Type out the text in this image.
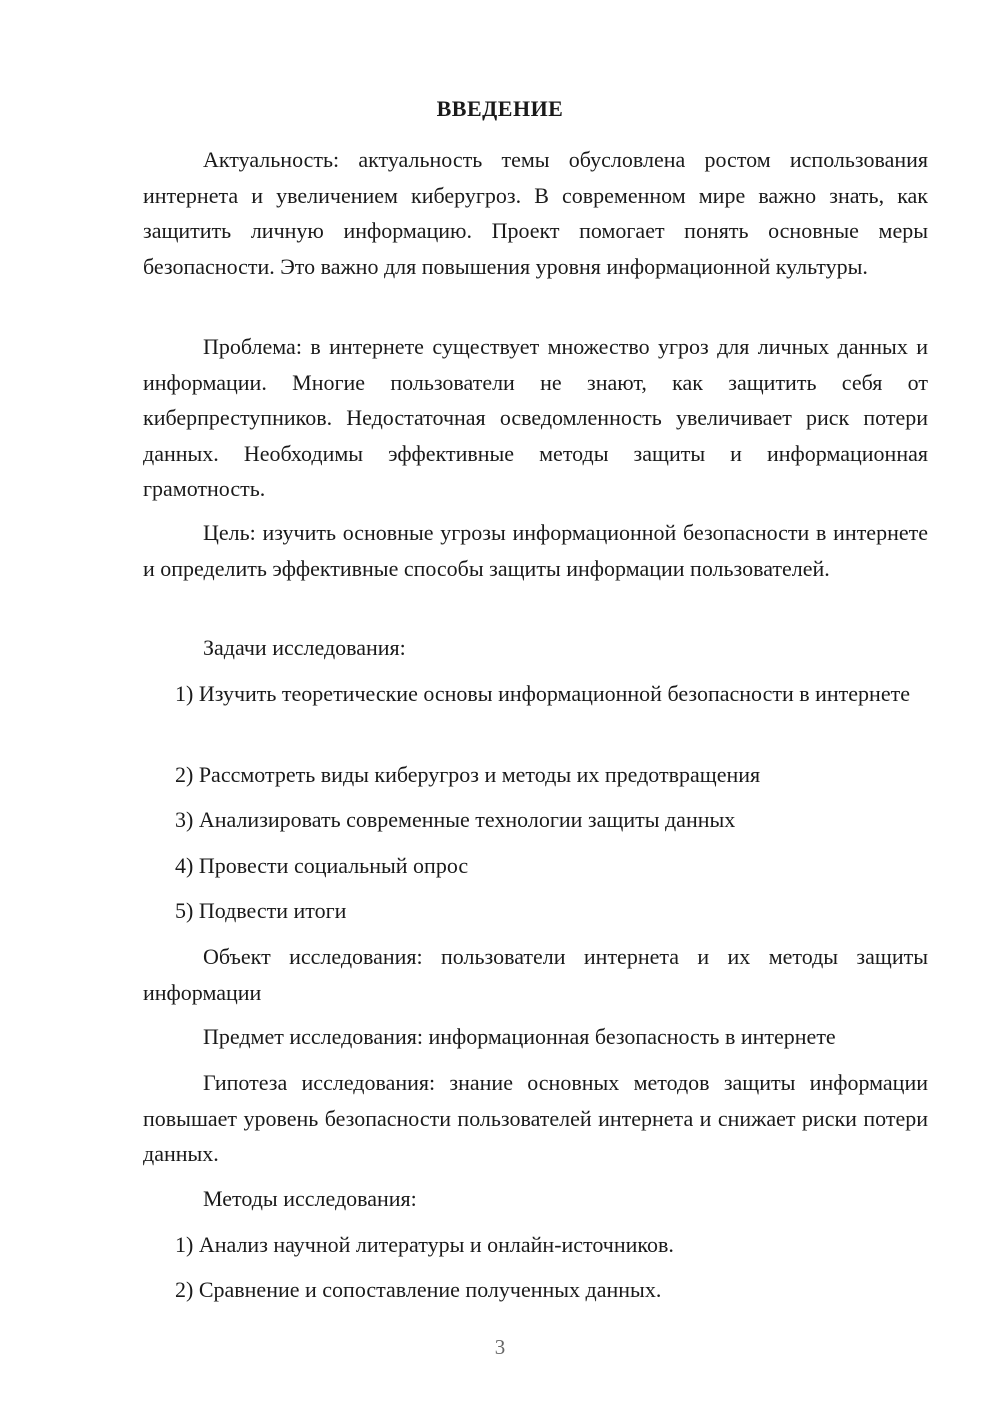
ВВЕДЕНИЕ

Актуальность: актуальность темы обусловлена ростом использования интернета и увеличением киберугроз. В современном мире важно знать, как защитить личную информацию. Проект помогает понять основные меры безопасности. Это важно для повышения уровня информационной культуры.

Проблема: в интернете существует множество угроз для личных данных и информации. Многие пользователи не знают, как защитить себя от киберпреступников. Недостаточная осведомленность увеличивает риск потери данных. Необходимы эффективные методы защиты и информационная грамотность.

Цель: изучить основные угрозы информационной безопасности в интернете и определить эффективные способы защиты информации пользователей.

Задачи исследования:

1) Изучить теоретические основы информационной безопасности в интернете

2) Рассмотреть виды киберугроз и методы их предотвращения

3) Анализировать современные технологии защиты данных

4) Провести социальный опрос

5) Подвести итоги

Объект исследования: пользователи интернета и их методы защиты информации

Предмет исследования: информационная безопасность в интернете

Гипотеза исследования: знание основных методов защиты информации повышает уровень безопасности пользователей интернета и снижает риски потери данных.

Методы исследования:

1) Анализ научной литературы и онлайн-источников.

2) Сравнение и сопоставление полученных данных.

3
